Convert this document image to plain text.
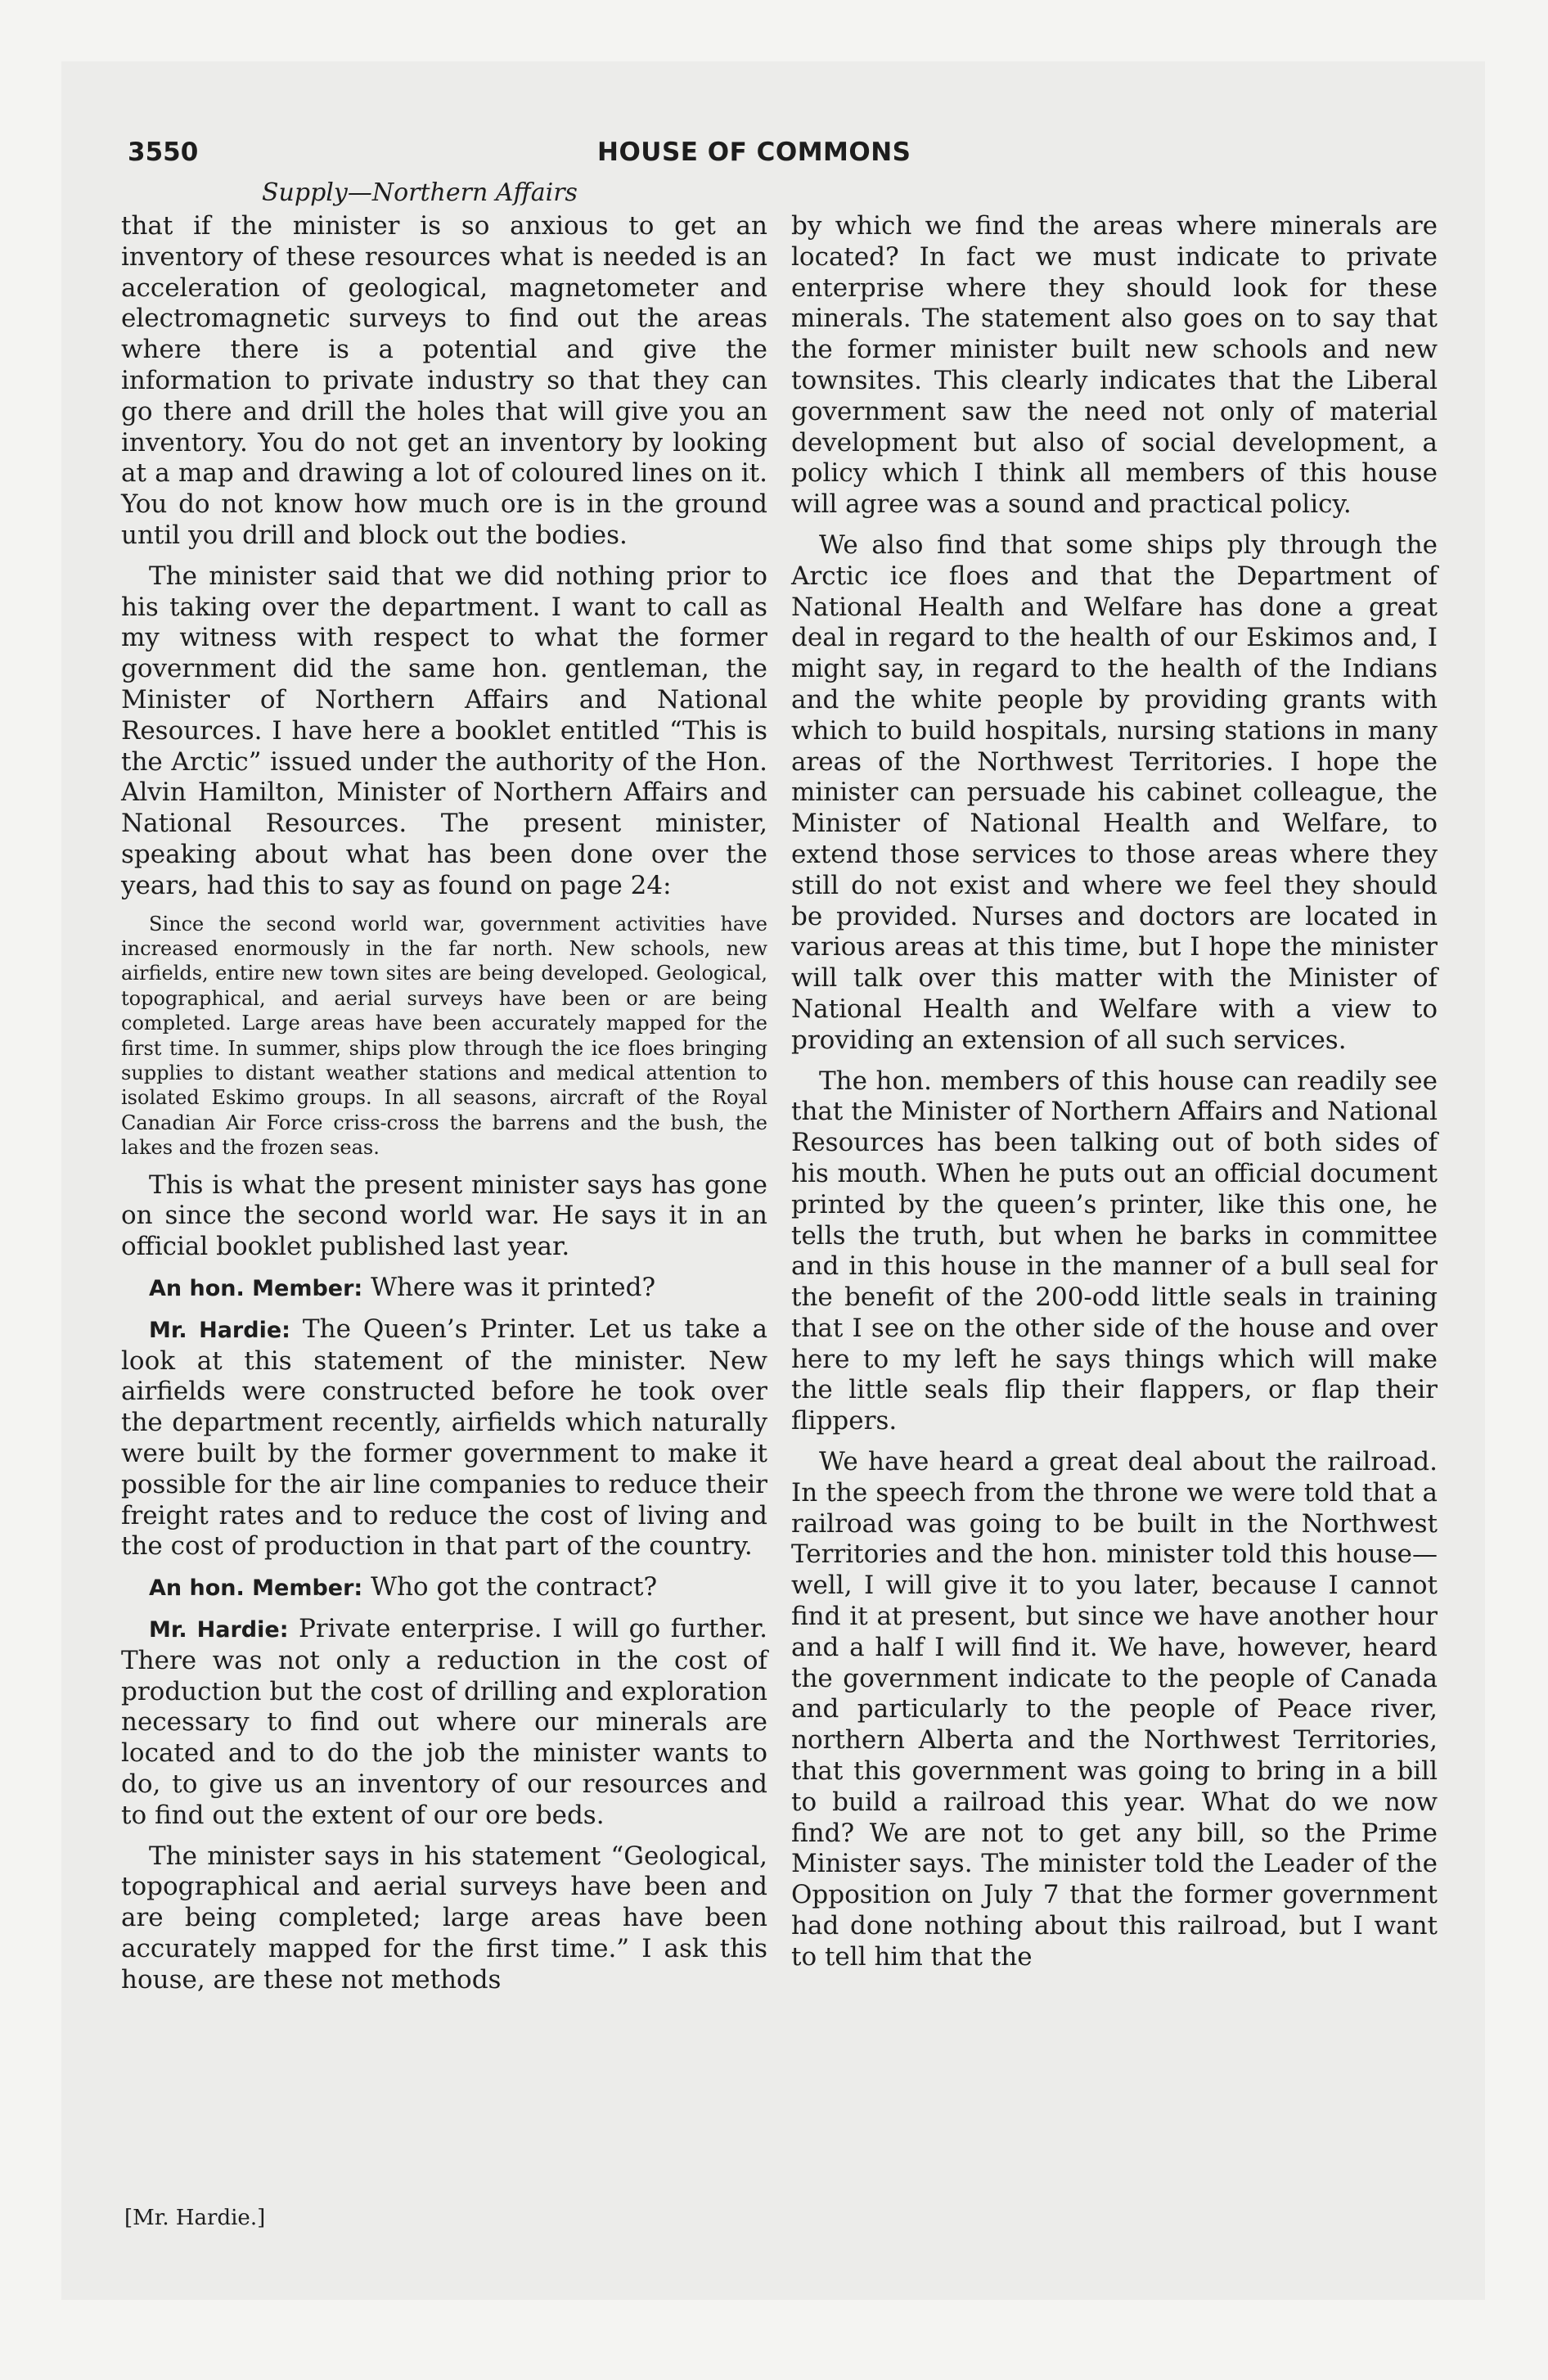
3550	HOUSE OF COMMONS
Supply—Northern Affairs

that if the minister is so anxious to get an inventory of these resources what is needed is an acceleration of geological, magnetometer and electromagnetic surveys to find out the areas where there is a potential and give the information to private industry so that they can go there and drill the holes that will give you an inventory. You do not get an inventory by looking at a map and drawing a lot of coloured lines on it. You do not know how much ore is in the ground until you drill and block out the bodies.

The minister said that we did nothing prior to his taking over the department. I want to call as my witness with respect to what the former government did the same hon. gentleman, the Minister of Northern Affairs and National Resources. I have here a booklet entitled “This is the Arctic” issued under the authority of the Hon. Alvin Hamilton, Minister of Northern Affairs and National Resources. The present minister, speaking about what has been done over the years, had this to say as found on page 24:

Since the second world war, government activities have increased enormously in the far north. New schools, new airfields, entire new town sites are being developed. Geological, topographical, and aerial surveys have been or are being completed. Large areas have been accurately mapped for the first time. In summer, ships plow through the ice floes bringing supplies to distant weather stations and medical attention to isolated Eskimo groups. In all seasons, aircraft of the Royal Canadian Air Force criss-cross the barrens and the bush, the lakes and the frozen seas.

This is what the present minister says has gone on since the second world war. He says it in an official booklet published last year.

An hon. Member: Where was it printed?

Mr. Hardie: The Queen’s Printer. Let us take a look at this statement of the minister. New airfields were constructed before he took over the department recently, airfields which naturally were built by the former government to make it possible for the air line companies to reduce their freight rates and to reduce the cost of living and the cost of production in that part of the country.

An hon. Member: Who got the contract?

Mr. Hardie: Private enterprise. I will go further. There was not only a reduction in the cost of production but the cost of drilling and exploration necessary to find out where our minerals are located and to do the job the minister wants to do, to give us an inventory of our resources and to find out the extent of our ore beds.

The minister says in his statement “Geological, topographical and aerial surveys have been and are being completed; large areas have been accurately mapped for the first time.” I ask this house, are these not methods

by which we find the areas where minerals are located? In fact we must indicate to private enterprise where they should look for these minerals. The statement also goes on to say that the former minister built new schools and new townsites. This clearly indicates that the Liberal government saw the need not only of material development but also of social development, a policy which I think all members of this house will agree was a sound and practical policy.

We also find that some ships ply through the Arctic ice floes and that the Department of National Health and Welfare has done a great deal in regard to the health of our Eskimos and, I might say, in regard to the health of the Indians and the white people by providing grants with which to build hospitals, nursing stations in many areas of the Northwest Territories. I hope the minister can persuade his cabinet colleague, the Minister of National Health and Welfare, to extend those services to those areas where they still do not exist and where we feel they should be provided. Nurses and doctors are located in various areas at this time, but I hope the minister will talk over this matter with the Minister of National Health and Welfare with a view to providing an extension of all such services.

The hon. members of this house can readily see that the Minister of Northern Affairs and National Resources has been talking out of both sides of his mouth. When he puts out an official document printed by the queen’s printer, like this one, he tells the truth, but when he barks in committee and in this house in the manner of a bull seal for the benefit of the 200-odd little seals in training that I see on the other side of the house and over here to my left he says things which will make the little seals flip their flappers, or flap their flippers.

We have heard a great deal about the railroad. In the speech from the throne we were told that a railroad was going to be built in the Northwest Territories and the hon. minister told this house—well, I will give it to you later, because I cannot find it at present, but since we have another hour and a half I will find it. We have, however, heard the government indicate to the people of Canada and particularly to the people of Peace river, northern Alberta and the Northwest Territories, that this government was going to bring in a bill to build a railroad this year. What do we now find? We are not to get any bill, so the Prime Minister says. The minister told the Leader of the Opposition on July 7 that the former government had done nothing about this railroad, but I want to tell him that the

[Mr. Hardie.]
